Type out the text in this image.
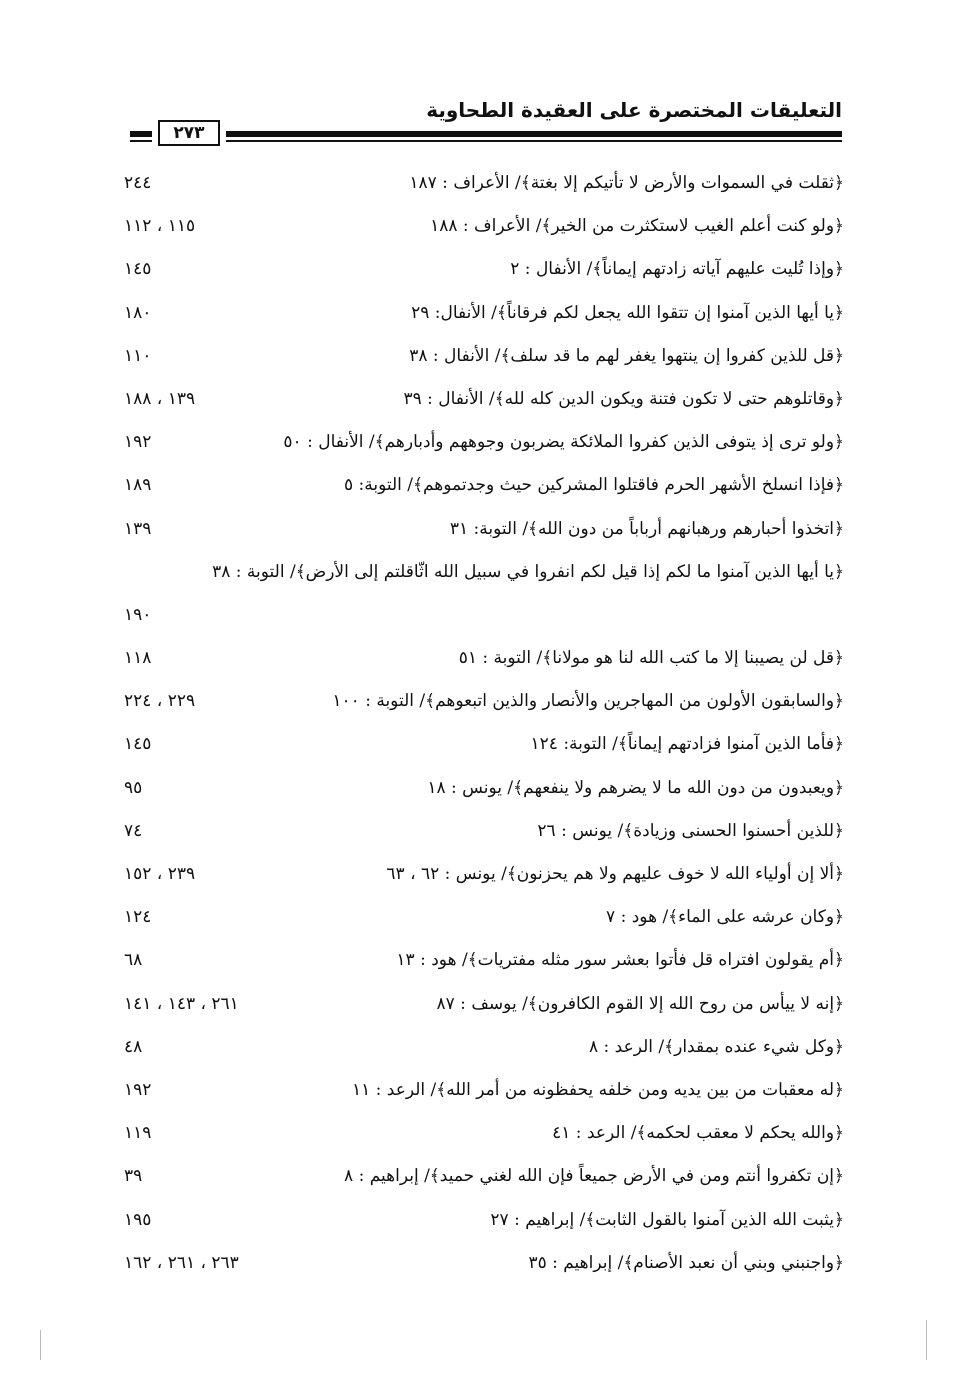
التعليقات المختصرة على العقيدة الطحاوية
٢٧٣
﴿ثقلت في السموات والأرض لا تأتيكم إلا بغتة﴾/ الأعراف : ١٨٧
٢٤٤
﴿ولو كنت أعلم الغيب لاستكثرت من الخير﴾/ الأعراف : ١٨٨
١١٥ ، ١١٢
﴿وإذا تُليت عليهم آياته زادتهم إيماناً﴾/ الأنفال : ٢
١٤٥
﴿يا أيها الذين آمنوا إن تتقوا الله يجعل لكم فرقاناً﴾/ الأنفال: ٢٩
١٨٠
﴿قل للذين كفروا إن ينتهوا يغفر لهم ما قد سلف﴾/ الأنفال : ٣٨
١١٠
﴿وقاتلوهم حتى لا تكون فتنة ويكون الدين كله لله﴾/ الأنفال : ٣٩
١٣٩ ، ١٨٨
﴿ولو ترى إذ يتوفى الذين كفروا الملائكة يضربون وجوههم وأدبارهم﴾/ الأنفال : ٥٠
١٩٢
﴿فإذا انسلخ الأشهر الحرم فاقتلوا المشركين حيث وجدتموهم﴾/ التوبة: ٥
١٨٩
﴿اتخذوا أحبارهم ورهبانهم أرباباً من دون الله﴾/ التوبة: ٣١
١٣٩
﴿يا أيها الذين آمنوا ما لكم إذا قيل لكم انفروا في سبيل الله اثّاقلتم إلى الأرض﴾/ التوبة : ٣٨
١٩٠
﴿قل لن يصيبنا إلا ما كتب الله لنا هو مولانا﴾/ التوبة : ٥١
١١٨
﴿والسابقون الأولون من المهاجرين والأنصار والذين اتبعوهم﴾/ التوبة : ١٠٠
٢٢٩ ، ٢٢٤
﴿فأما الذين آمنوا فزادتهم إيماناً﴾/ التوبة: ١٢٤
١٤٥
﴿ويعبدون من دون الله ما لا يضرهم ولا ينفعهم﴾/ يونس : ١٨
٩٥
﴿للذين أحسنوا الحسنى وزيادة﴾/ يونس : ٢٦
٧٤
﴿ألا إن أولياء الله لا خوف عليهم ولا هم يحزنون﴾/ يونس : ٦٢ ، ٦٣
٢٣٩ ، ١٥٢
﴿وكان عرشه على الماء﴾/ هود : ٧
١٢٤
﴿أم يقولون افتراه قل فأتوا بعشر سور مثله مفتريات﴾/ هود : ١٣
٦٨
﴿إنه لا ييأس من روح الله إلا القوم الكافرون﴾/ يوسف : ٨٧
٢٦١ ، ١٤٣ ، ١٤١
﴿وكل شيء عنده بمقدار﴾/ الرعد : ٨
٤٨
﴿له معقبات من بين يديه ومن خلفه يحفظونه من أمر الله﴾/ الرعد : ١١
١٩٢
﴿والله يحكم لا معقب لحكمه﴾/ الرعد : ٤١
١١٩
﴿إن تكفروا أنتم ومن في الأرض جميعاً فإن الله لغني حميد﴾/ إبراهيم : ٨
٣٩
﴿يثبت الله الذين آمنوا بالقول الثابت﴾/ إبراهيم : ٢٧
١٩٥
﴿واجنبني وبني أن نعبد الأصنام﴾/ إبراهيم : ٣٥
٢٦٣ ، ٢٦١ ، ١٦٢
